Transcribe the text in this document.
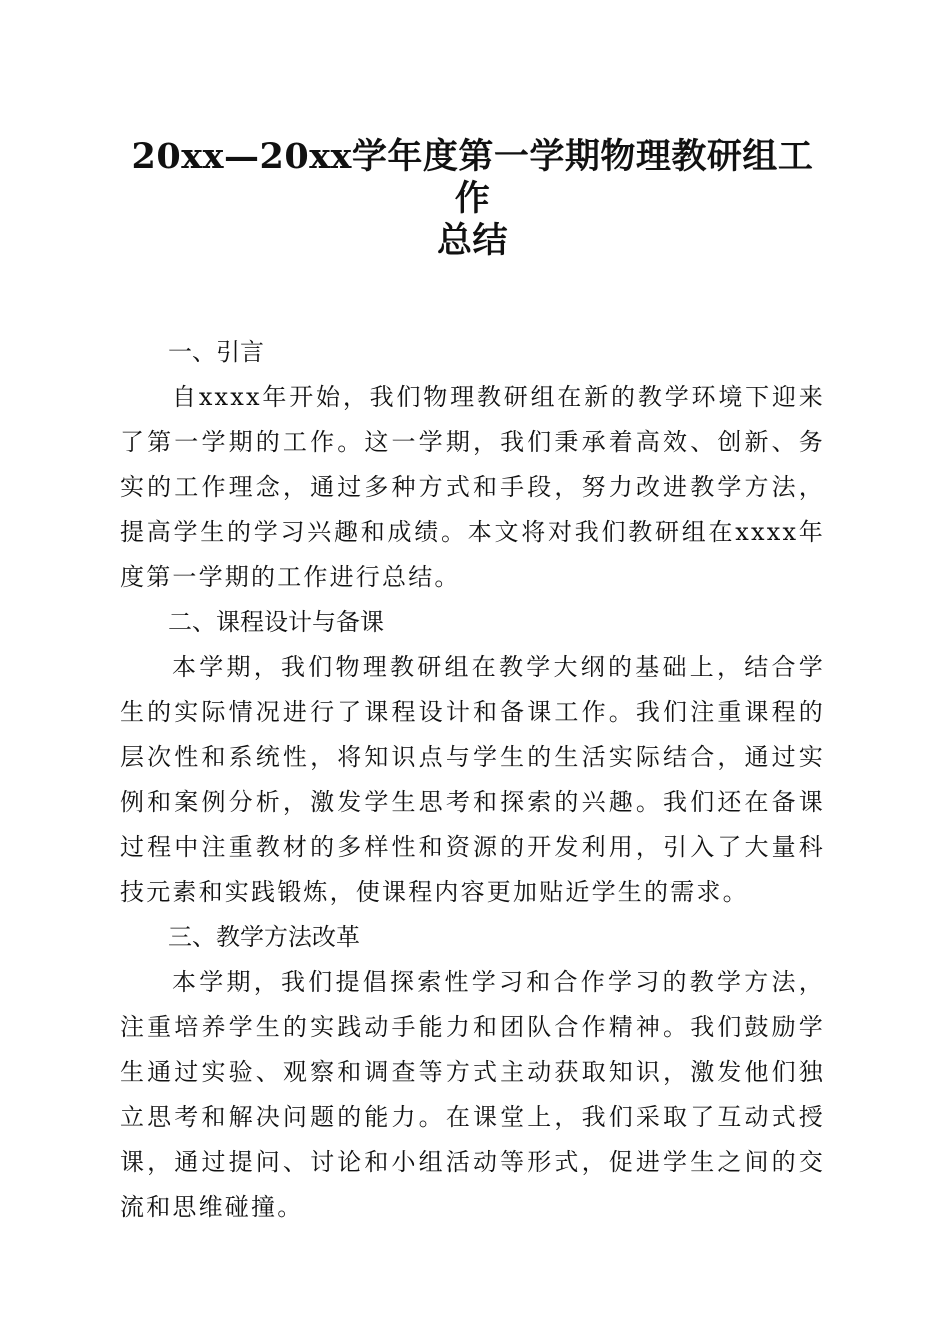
20xx—20xx学年度第一学期物理教研组工作
总结

一、引言

自xxxx年开始，我们物理教研组在新的教学环境下迎来了第一学期的工作。这一学期，我们秉承着高效、创新、务实的工作理念，通过多种方式和手段，努力改进教学方法，提高学生的学习兴趣和成绩。本文将对我们教研组在xxxx年度第一学期的工作进行总结。

二、课程设计与备课

本学期，我们物理教研组在教学大纲的基础上，结合学生的实际情况进行了课程设计和备课工作。我们注重课程的层次性和系统性，将知识点与学生的生活实际结合，通过实例和案例分析，激发学生思考和探索的兴趣。我们还在备课过程中注重教材的多样性和资源的开发利用，引入了大量科技元素和实践锻炼，使课程内容更加贴近学生的需求。

三、教学方法改革

本学期，我们提倡探索性学习和合作学习的教学方法，注重培养学生的实践动手能力和团队合作精神。我们鼓励学生通过实验、观察和调查等方式主动获取知识，激发他们独立思考和解决问题的能力。在课堂上，我们采取了互动式授课，通过提问、讨论和小组活动等形式，促进学生之间的交流和思维碰撞。
